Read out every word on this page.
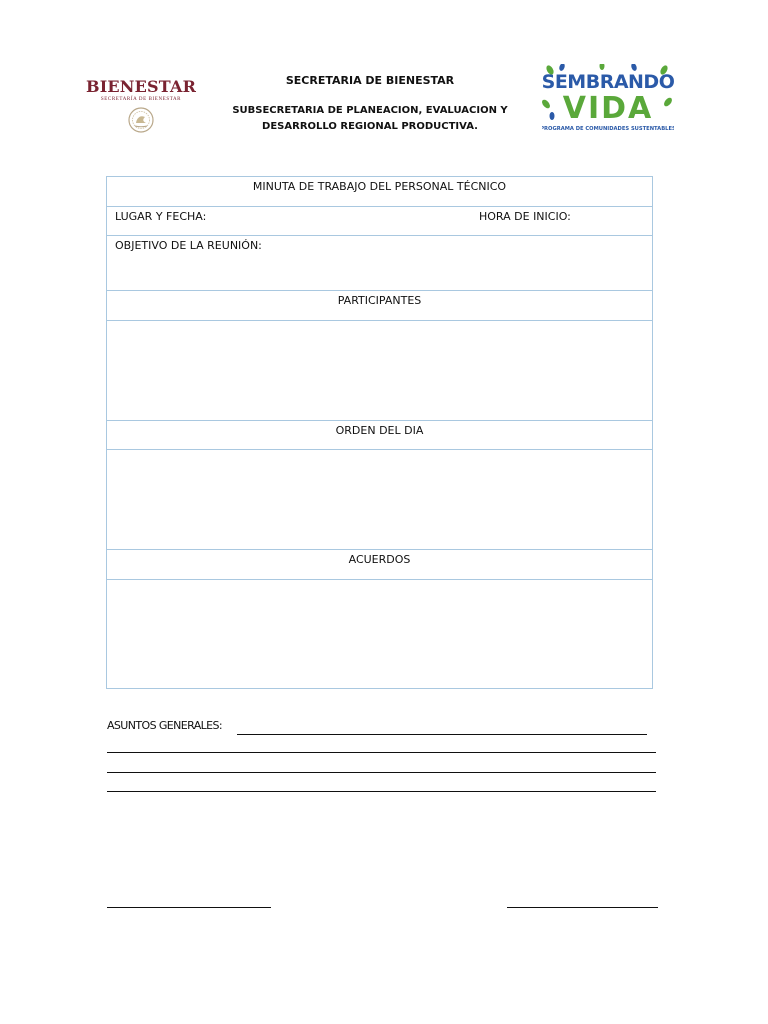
BIENESTAR
SECRETARÍA DE BIENESTAR
SECRETARIA DE BIENESTAR
SUBSECRETARIA DE PLANEACION, EVALUACION Y
DESARROLLO REGIONAL PRODUCTIVA.
SEMBRANDO
VIDA
PROGRAMA DE COMUNIDADES SUSTENTABLES
MINUTA DE TRABAJO DEL PERSONAL TÉCNICO
LUGAR Y FECHA:	HORA DE INICIO:
OBJETIVO DE LA REUNIÓN:
PARTICIPANTES
ORDEN DEL DIA
ACUERDOS
ASUNTOS GENERALES:
